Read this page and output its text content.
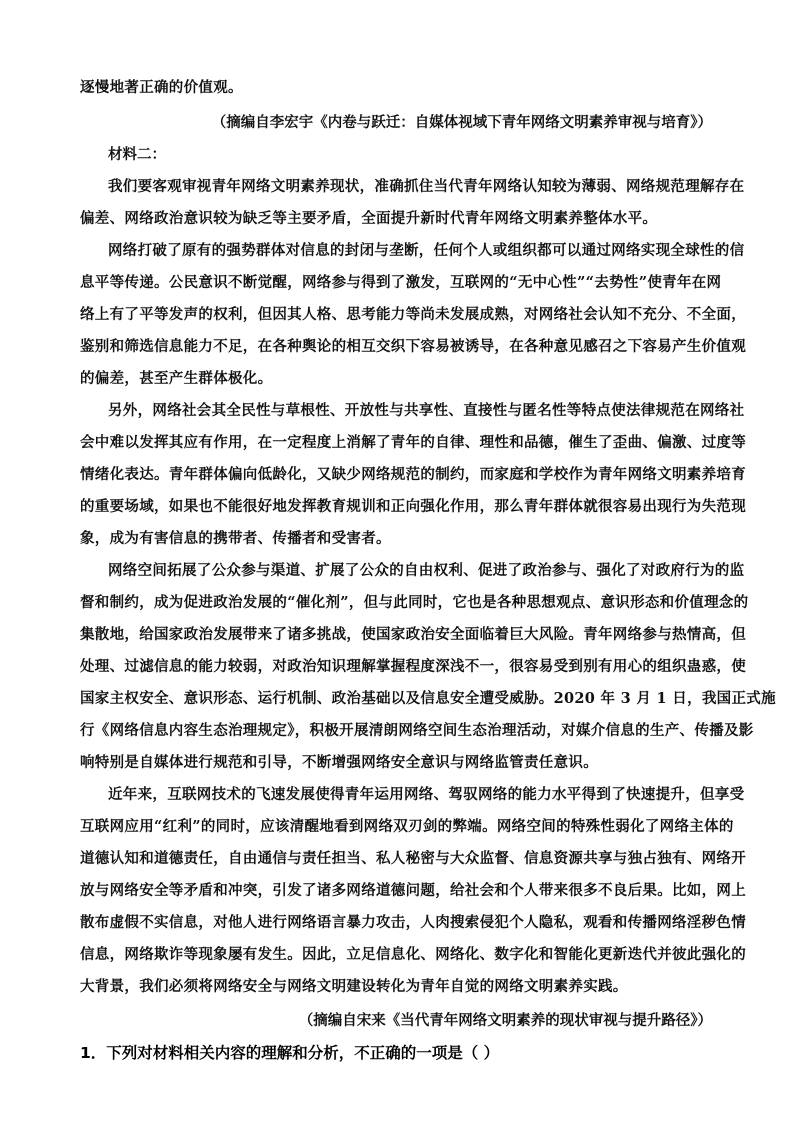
逐慢地著正确的价值观。
（摘编自李宏宇《内卷与跃迁：自媒体视域下青年网络文明素养审视与培育》）
材料二：
我们要客观审视青年网络文明素养现状，准确抓住当代青年网络认知较为薄弱、网络规范理解存在
偏差、网络政治意识较为缺乏等主要矛盾，全面提升新时代青年网络文明素养整体水平。
网络打破了原有的强势群体对信息的封闭与垄断，任何个人或组织都可以通过网络实现全球性的信
息平等传递。公民意识不断觉醒，网络参与得到了激发，互联网的“无中心性”“去势性”使青年在网
络上有了平等发声的权利，但因其人格、思考能力等尚未发展成熟，对网络社会认知不充分、不全面，
鉴别和筛选信息能力不足，在各种舆论的相互交织下容易被诱导，在各种意见感召之下容易产生价值观
的偏差，甚至产生群体极化。
另外，网络社会其全民性与草根性、开放性与共享性、直接性与匿名性等特点使法律规范在网络社
会中难以发挥其应有作用，在一定程度上消解了青年的自律、理性和品德，催生了歪曲、偏激、过度等
情绪化表达。青年群体偏向低龄化，又缺少网络规范的制约，而家庭和学校作为青年网络文明素养培育
的重要场域，如果也不能很好地发挥教育规训和正向强化作用，那么青年群体就很容易出现行为失范现
象，成为有害信息的携带者、传播者和受害者。
网络空间拓展了公众参与渠道、扩展了公众的自由权利、促进了政治参与、强化了对政府行为的监
督和制约，成为促进政治发展的“催化剂”，但与此同时，它也是各种思想观点、意识形态和价值理念的
集散地，给国家政治发展带来了诸多挑战，使国家政治安全面临着巨大风险。青年网络参与热情高，但
处理、过滤信息的能力较弱，对政治知识理解掌握程度深浅不一，很容易受到别有用心的组织蛊惑，使
国家主权安全、意识形态、运行机制、政治基础以及信息安全遭受威胁。2020 年 3 月 1 日，我国正式施
行《网络信息内容生态治理规定》，积极开展清朗网络空间生态治理活动，对媒介信息的生产、传播及影
响特别是自媒体进行规范和引导，不断增强网络安全意识与网络监管责任意识。
近年来，互联网技术的飞速发展使得青年运用网络、驾驭网络的能力水平得到了快速提升，但享受
互联网应用“红利”的同时，应该清醒地看到网络双刃剑的弊端。网络空间的特殊性弱化了网络主体的
道德认知和道德责任，自由通信与责任担当、私人秘密与大众监督、信息资源共享与独占独有、网络开
放与网络安全等矛盾和冲突，引发了诸多网络道德问题，给社会和个人带来很多不良后果。比如，网上
散布虚假不实信息，对他人进行网络语言暴力攻击，人肉搜索侵犯个人隐私，观看和传播网络淫秽色情
信息，网络欺诈等现象屡有发生。因此，立足信息化、网络化、数字化和智能化更新迭代并彼此强化的
大背景，我们必须将网络安全与网络文明建设转化为青年自觉的网络文明素养实践。
（摘编自宋来《当代青年网络文明素养的现状审视与提升路径》）
1．下列对材料相关内容的理解和分析，不正确的一项是（ ）
